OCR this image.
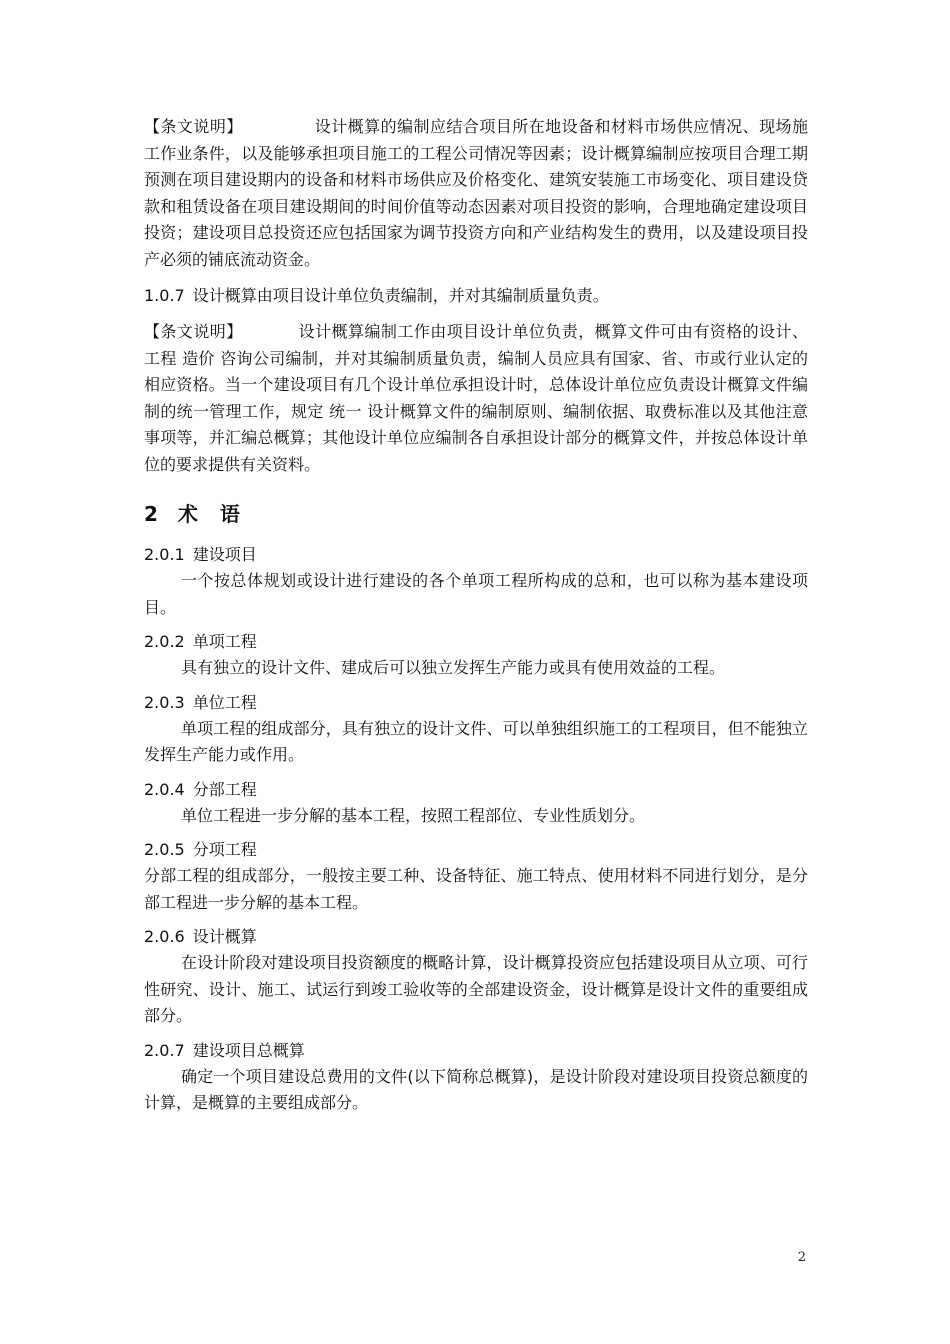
【条文说明】	设计概算的编制应结合项目所在地设备和材料市场供应情况、现场施工作业条件，以及能够承担项目施工的工程公司情况等因素；设计概算编制应按项目合理工期预测在项目建设期内的设备和材料市场供应及价格变化、建筑安装施工市场变化、项目建设贷款和租赁设备在项目建设期间的时间价值等动态因素对项目投资的影响，合理地确定建设项目投资；建设项目总投资还应包括国家为调节投资方向和产业结构发生的费用，以及建设项目投产必须的铺底流动资金。

1.0.7 设计概算由项目设计单位负责编制，并对其编制质量负责。

【条文说明】	设计概算编制工作由项目设计单位负责，概算文件可由有资格的设计、工程 造价 咨询公司编制，并对其编制质量负责，编制人员应具有国家、省、市或行业认定的相应资格。当一个建设项目有几个设计单位承担设计时，总体设计单位应负责设计概算文件编制的统一管理工作，规定 统一 设计概算文件的编制原则、编制依据、取费标准以及其他注意事项等，并汇编总概算；其他设计单位应编制各自承担设计部分的概算文件，并按总体设计单位的要求提供有关资料。

2 术语

2.0.1 建设项目

一个按总体规划或设计进行建设的各个单项工程所构成的总和，也可以称为基本建设项目。

2.0.2 单项工程

具有独立的设计文件、建成后可以独立发挥生产能力或具有使用效益的工程。

2.0.3 单位工程

单项工程的组成部分，具有独立的设计文件、可以单独组织施工的工程项目，但不能独立发挥生产能力或作用。

2.0.4 分部工程

单位工程进一步分解的基本工程，按照工程部位、专业性质划分。

2.0.5 分项工程

分部工程的组成部分，一般按主要工种、设备特征、施工特点、使用材料不同进行划分，是分部工程进一步分解的基本工程。

2.0.6 设计概算

在设计阶段对建设项目投资额度的概略计算，设计概算投资应包括建设项目从立项、可行性研究、设计、施工、试运行到竣工验收等的全部建设资金，设计概算是设计文件的重要组成部分。

2.0.7 建设项目总概算

确定一个项目建设总费用的文件(以下简称总概算)，是设计阶段对建设项目投资总额度的计算，是概算的主要组成部分。

2
